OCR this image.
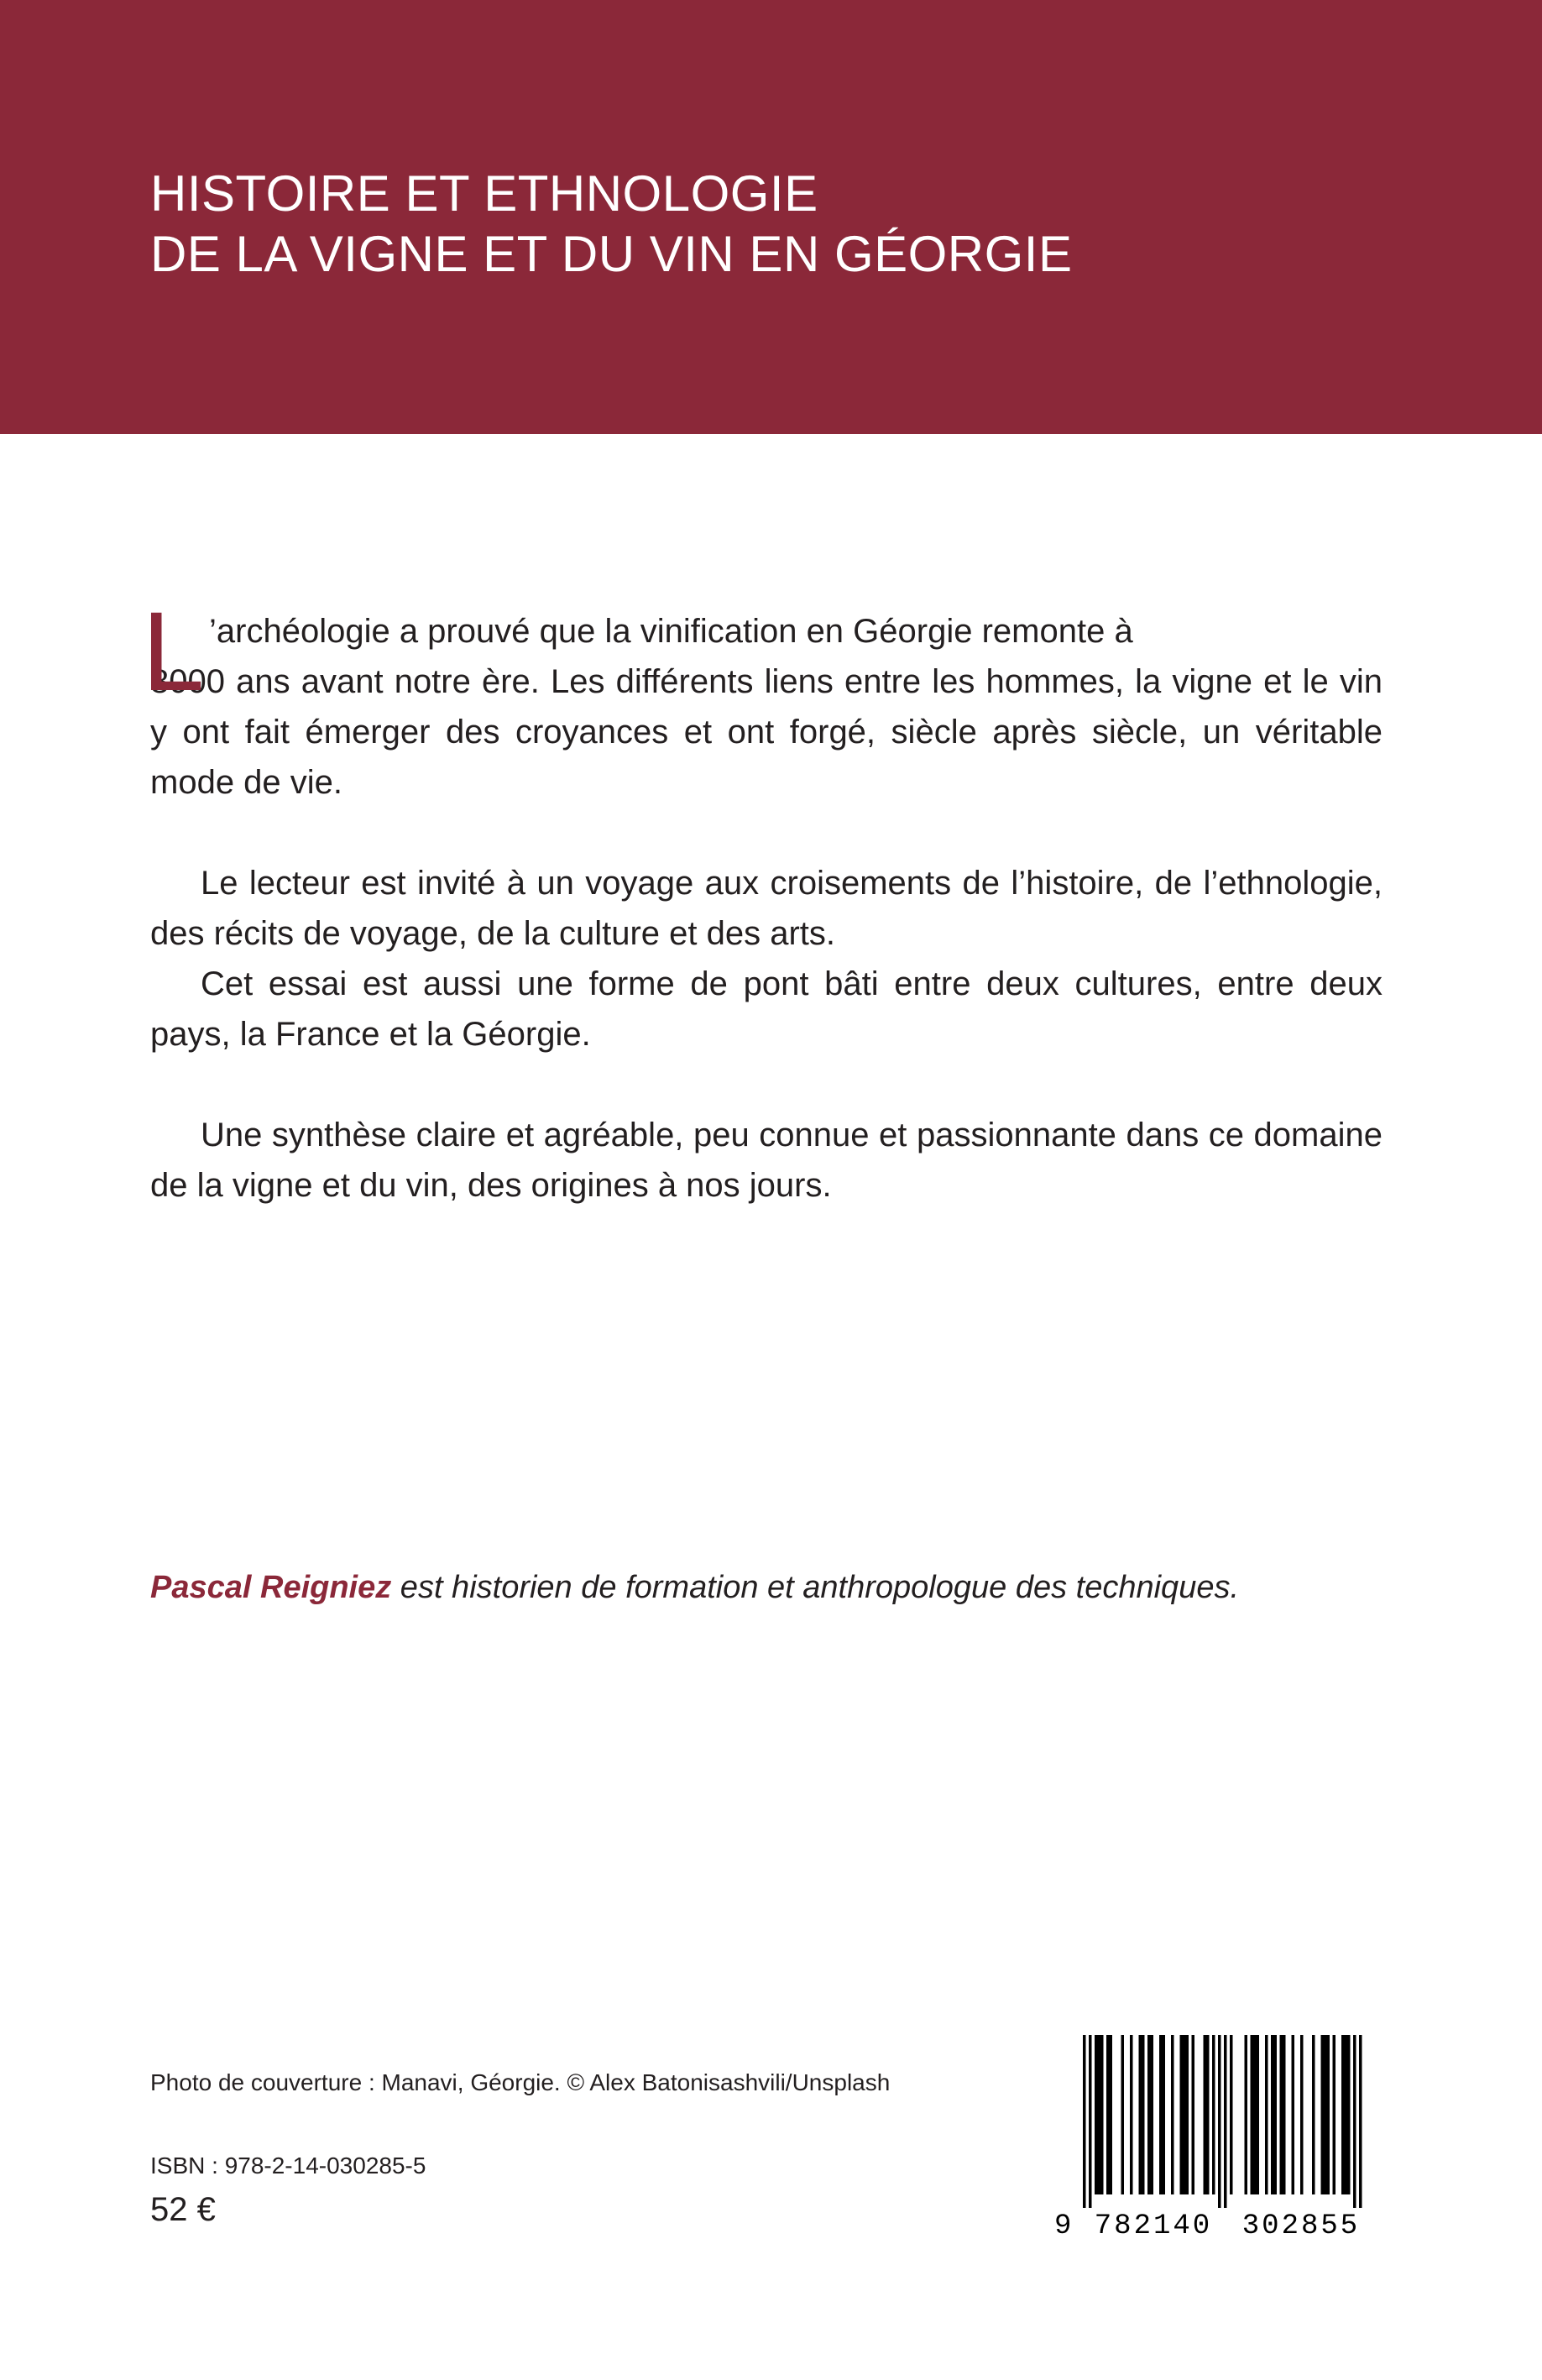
HISTOIRE ET ETHNOLOGIE
DE LA VIGNE ET DU VIN EN GÉORGIE

L ’archéologie a prouvé que la vinification en Géorgie remonte à
8000 ans avant notre ère. Les différents liens entre les hommes, la vigne et le vin y ont fait émerger des croyances et ont forgé, siècle après siècle, un véritable mode de vie.

Le lecteur est invité à un voyage aux croisements de l’histoire, de l’ethnologie, des récits de voyage, de la culture et des arts.

Cet essai est aussi une forme de pont bâti entre deux cultures, entre deux pays, la France et la Géorgie.

Une synthèse claire et agréable, peu connue et passionnante dans ce domaine de la vigne et du vin, des origines à nos jours.

Pascal Reigniez est historien de formation et anthropologue des techniques.

Photo de couverture : Manavi, Géorgie. © Alex Batonisashvili/Unsplash

ISBN : 978-2-14-030285-5

52 €	9 782140 302855
